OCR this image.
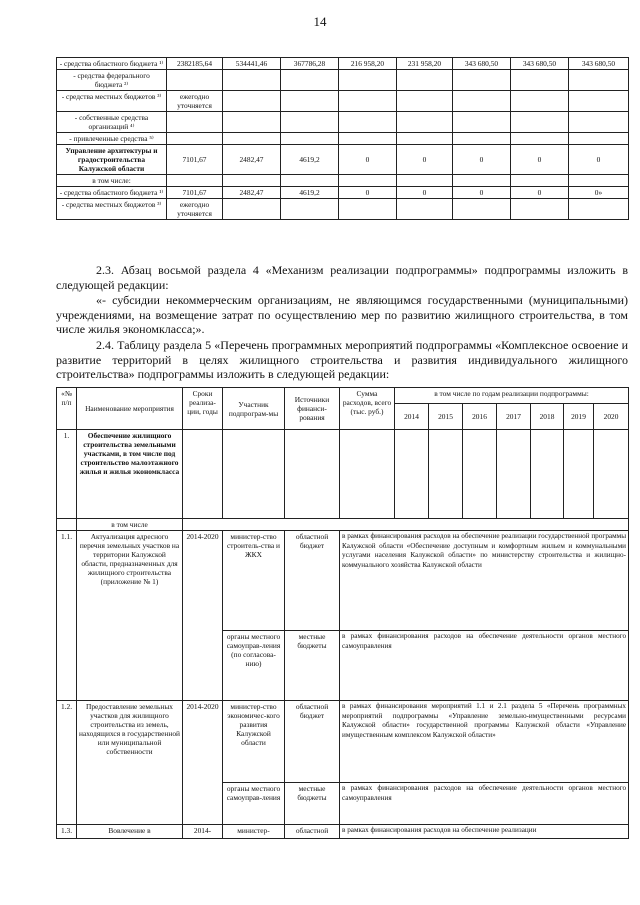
14
- средства областного бюджета ¹⁾	2382185,64	534441,46	367786,28	216 958,20	231 958,20	343 680,50	343 680,50	343 680,50
- средства федерального бюджета ²⁾								
- средства местных бюджетов ³⁾	ежегодно уточняется							
- собственные средства организаций ⁴⁾								
- привлеченные средства ⁵⁾								
Управление архитектуры и градостроительства Калужской области	7101,67	2482,47	4619,2	0	0	0	0	0
в том числе:								
- средства областного бюджета ¹⁾	7101,67	2482,47	4619,2	0	0	0	0	0»
- средства местных бюджетов ³⁾	ежегодно уточняется							
2.3. Абзац восьмой раздела 4 «Механизм реализации подпрограммы» подпрограммы изложить в следующей редакции:
«- субсидии некоммерческим организациям, не являющимся государственными (муниципальными) учреждениями, на возмещение затрат по осуществлению мер по развитию жилищного строительства, в том числе жилья экономкласса;».
2.4. Таблицу раздела 5 «Перечень программных мероприятий подпрограммы «Комплексное освоение и развитие территорий в целях жилищного строительства и развития индивидуального жилищного строительства» подпрограммы изложить в следующей редакции:
«№ п/п	Наименование мероприятия	Сроки реализа-ции, годы	Участник подпрограм-мы	Источники финанси-рования	Сумма расходов, всего (тыс. руб.)	в том числе по годам реализации подпрограммы:						
						2014	2015	2016	2017	2018	2019	2020
1.	Обеспечение жилищного строительства земельными участками, в том числе под строительство малоэтажного жилья и жилья экономкласса											
	в том числе											
1.1.	Актуализация адресного перечня земельных участков на территории Калужской области, предназначенных для жилищного строительства (приложение № 1)	2014-2020	министер-ство строитель-ства и ЖКХ	областной бюджет	в рамках финансирования расходов на обеспечение реализации государственной программы Калужской области «Обеспечение доступным и комфортным жильем и коммунальными услугами населения Калужской области» по министерству строительства и жилищно-коммунального хозяйства Калужской области							
			органы местного самоуправ-ления (по согласова-нию)	местные бюджеты	в рамках финансирования расходов на обеспечение деятельности органов местного самоуправления							
1.2.	Предоставление земельных участков для жилищного строительства из земель, находящихся в государственной или муниципальной собственности	2014-2020	министер-ство экономичес-кого развития Калужской области	областной бюджет	в рамках финансирования мероприятий 1.1 и 2.1 раздела 5 «Перечень программных мероприятий подпрограммы «Управление земельно-имущественными ресурсами Калужской области» государственной программы Калужской области «Управление имущественным комплексом Калужской области»							
			органы местного самоуправ-ления	местные бюджеты	в рамках финансирования расходов на обеспечение деятельности органов местного самоуправления							
1.3.	Вовлечение в	2014-	министер-	областной	в рамках финансирования расходов на обеспечение реализации							
